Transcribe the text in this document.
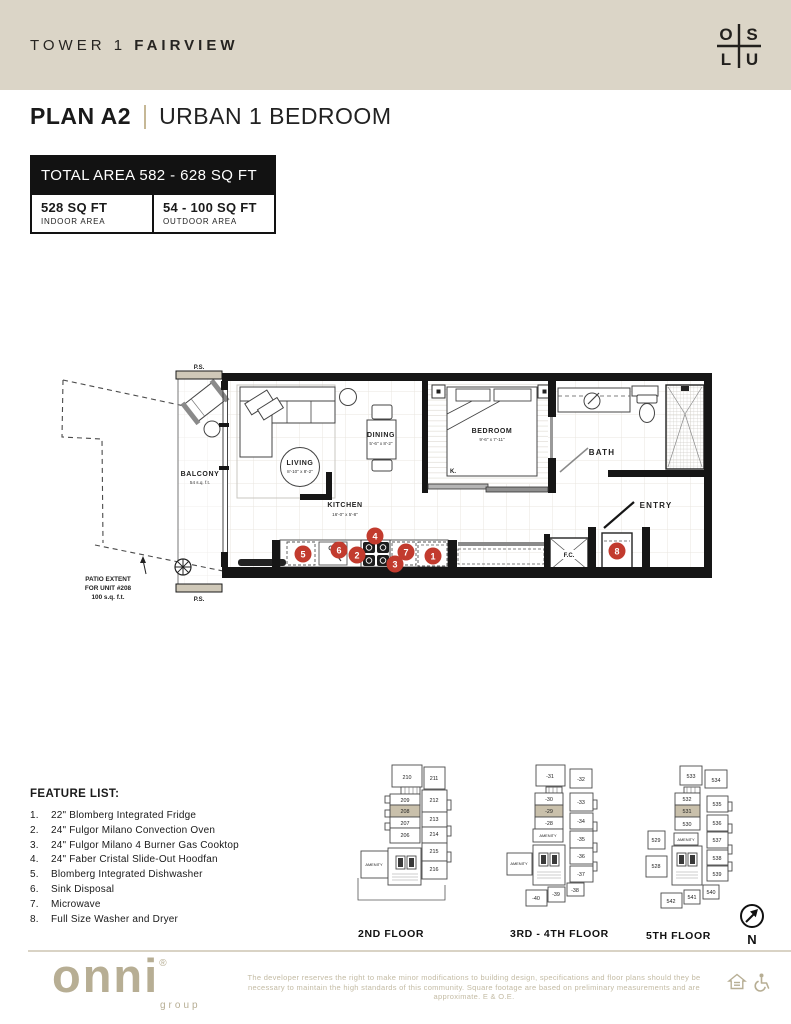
TOWER 1 FAIRVIEW
O S
L U
PLAN A2 URBAN 1 BEDROOM
TOTAL AREA 582 - 628 SQ FT
528 SQ FT
INDOOR AREA
54 - 100 SQ FT
OUTDOOR AREA
PATIO EXTENT
FOR UNIT #208
100 s.q. f.t.
P.S.
P.S.
BALCONY
54 s.q. f.t.
LIVING
8'-10" x 8'-2"
DINING
5'-6" x 8'-2"
KITCHEN
16'-0" x 5'-8"
BEDROOM
9'-6" x 7'-11"
K.
BATH
ENTRY
F.C.
1
2
3
4
5	6	7	8
FEATURE LIST:
1.	22" Blomberg Integrated Fridge
2.	24" Fulgor Milano Convection Oven
3.	24" Fulgor Milano 4 Burner Gas Cooktop
4.	24" Faber Cristal Slide-Out Hoodfan
5.	Blomberg Integrated Dishwasher
6.	Sink Disposal
7.	Microwave
8.	Full Size Washer and Dryer
210	211
209
208
207
206
212
213
214
215
216
AMENITY
2ND FLOOR
-31	-32
-30
-29
-28
-33
-34
-35
-36
-37
AMENITY
AMENITY
-40
-39
-38
3RD - 4TH FLOOR
533
534
532
531
530
535
536
537
538
539
529
528
AMENITY
542
541
540
5TH FLOOR	N
onni®
group
The developer reserves the right to make minor modifications to building design, specifications and floor plans should they be necessary to maintain the high standards of this community. Square footage are based on preliminary measurements and are approximate. E & O.E.
